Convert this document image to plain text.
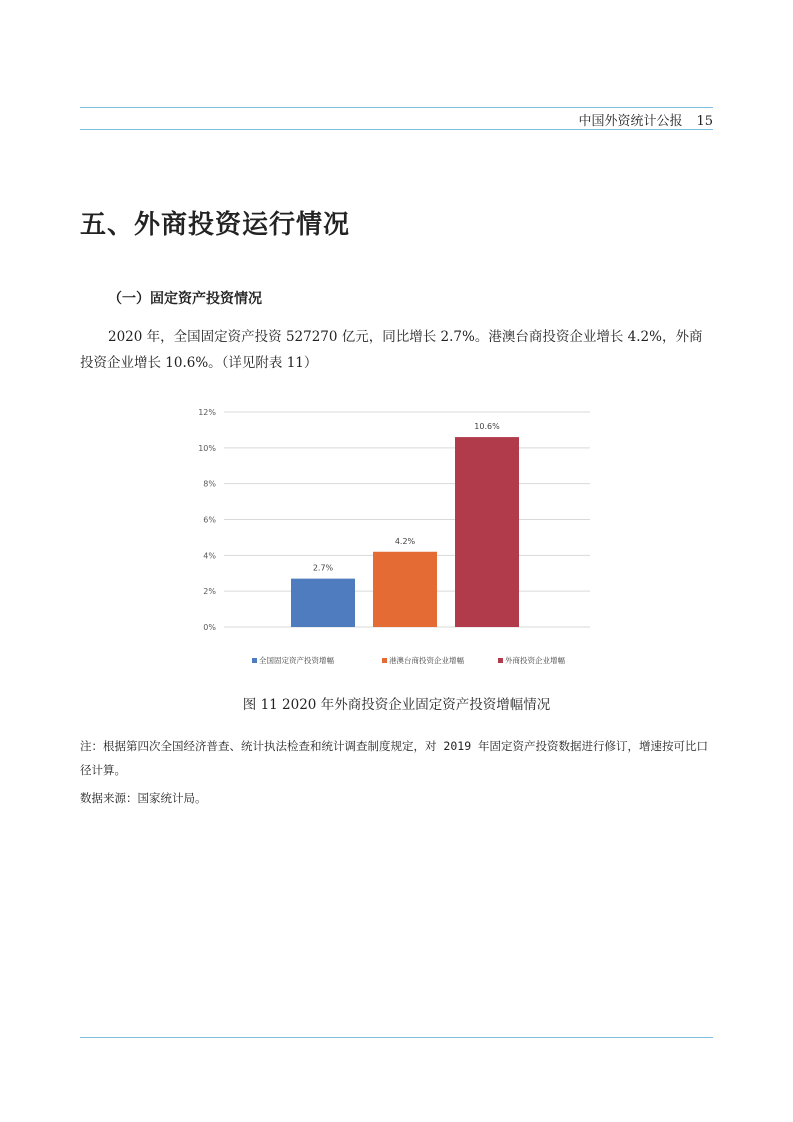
中国外资统计公报 15
五、外商投资运行情况
（一）固定资产投资情况

2020 年，全国固定资产投资 527270 亿元，同比增长 2.7%。港澳台商投资企业增长 4.2%，外商投资企业增长 10.6%。（详见附表 11）

0%
2%
4%
6%
8%
10%
12%
2.7%
4.2%
10.6%
全国固定资产投资增幅	港澳台商投资企业增幅	外商投资企业增幅
图 11 2020 年外商投资企业固定资产投资增幅情况

注：根据第四次全国经济普查、统计执法检查和统计调查制度规定，对 2019 年固定资产投资数据进行修订，增速按可比口径计算。

数据来源：国家统计局。
